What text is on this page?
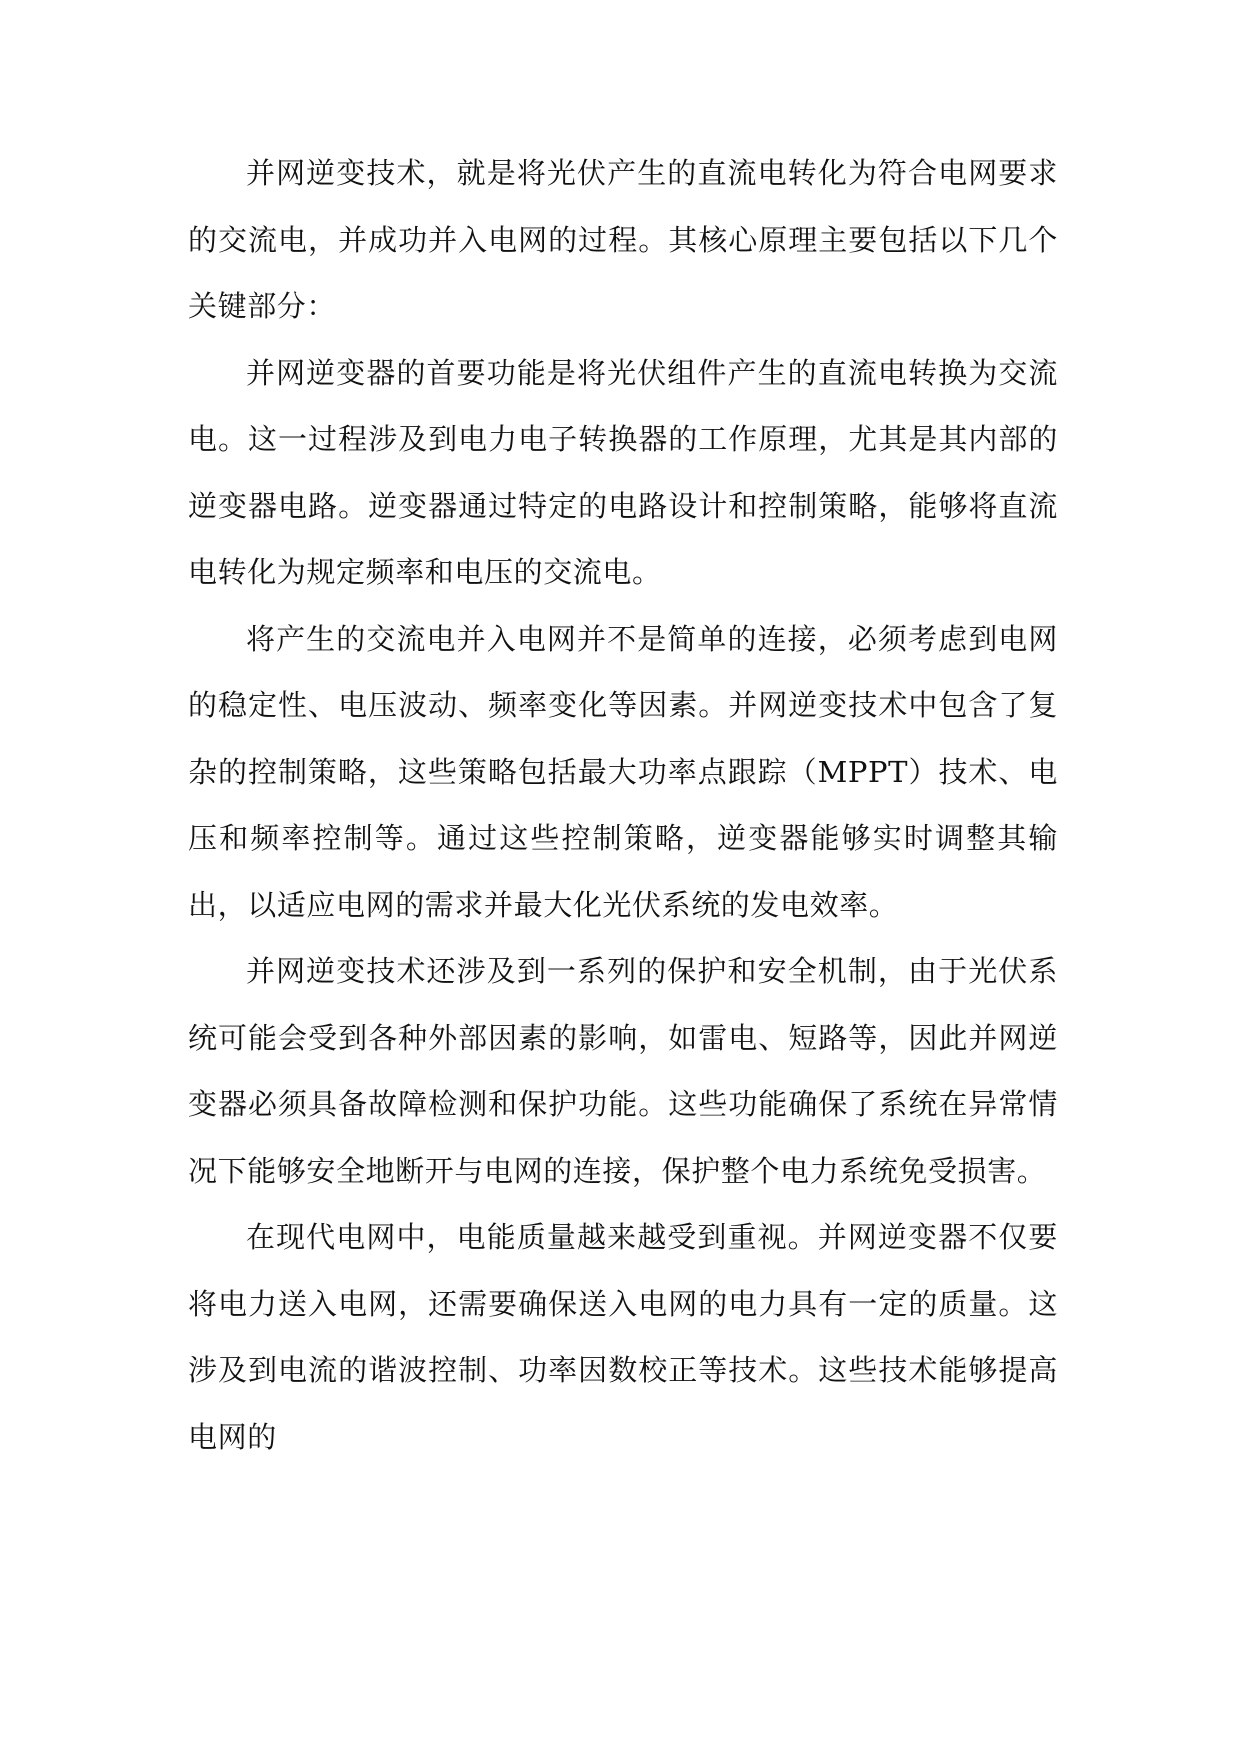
并网逆变技术，就是将光伏产生的直流电转化为符合电网要求的交流电，并成功并入电网的过程。其核心原理主要包括以下几个关键部分：

并网逆变器的首要功能是将光伏组件产生的直流电转换为交流电。这一过程涉及到电力电子转换器的工作原理，尤其是其内部的逆变器电路。逆变器通过特定的电路设计和控制策略，能够将直流电转化为规定频率和电压的交流电。

将产生的交流电并入电网并不是简单的连接，必须考虑到电网的稳定性、电压波动、频率变化等因素。并网逆变技术中包含了复杂的控制策略，这些策略包括最大功率点跟踪（MPPT）技术、电压和频率控制等。通过这些控制策略，逆变器能够实时调整其输出，以适应电网的需求并最大化光伏系统的发电效率。

并网逆变技术还涉及到一系列的保护和安全机制，由于光伏系统可能会受到各种外部因素的影响，如雷电、短路等，因此并网逆变器必须具备故障检测和保护功能。这些功能确保了系统在异常情况下能够安全地断开与电网的连接，保护整个电力系统免受损害。

在现代电网中，电能质量越来越受到重视。并网逆变器不仅要将电力送入电网，还需要确保送入电网的电力具有一定的质量。这涉及到电流的谐波控制、功率因数校正等技术。这些技术能够提高电网的
